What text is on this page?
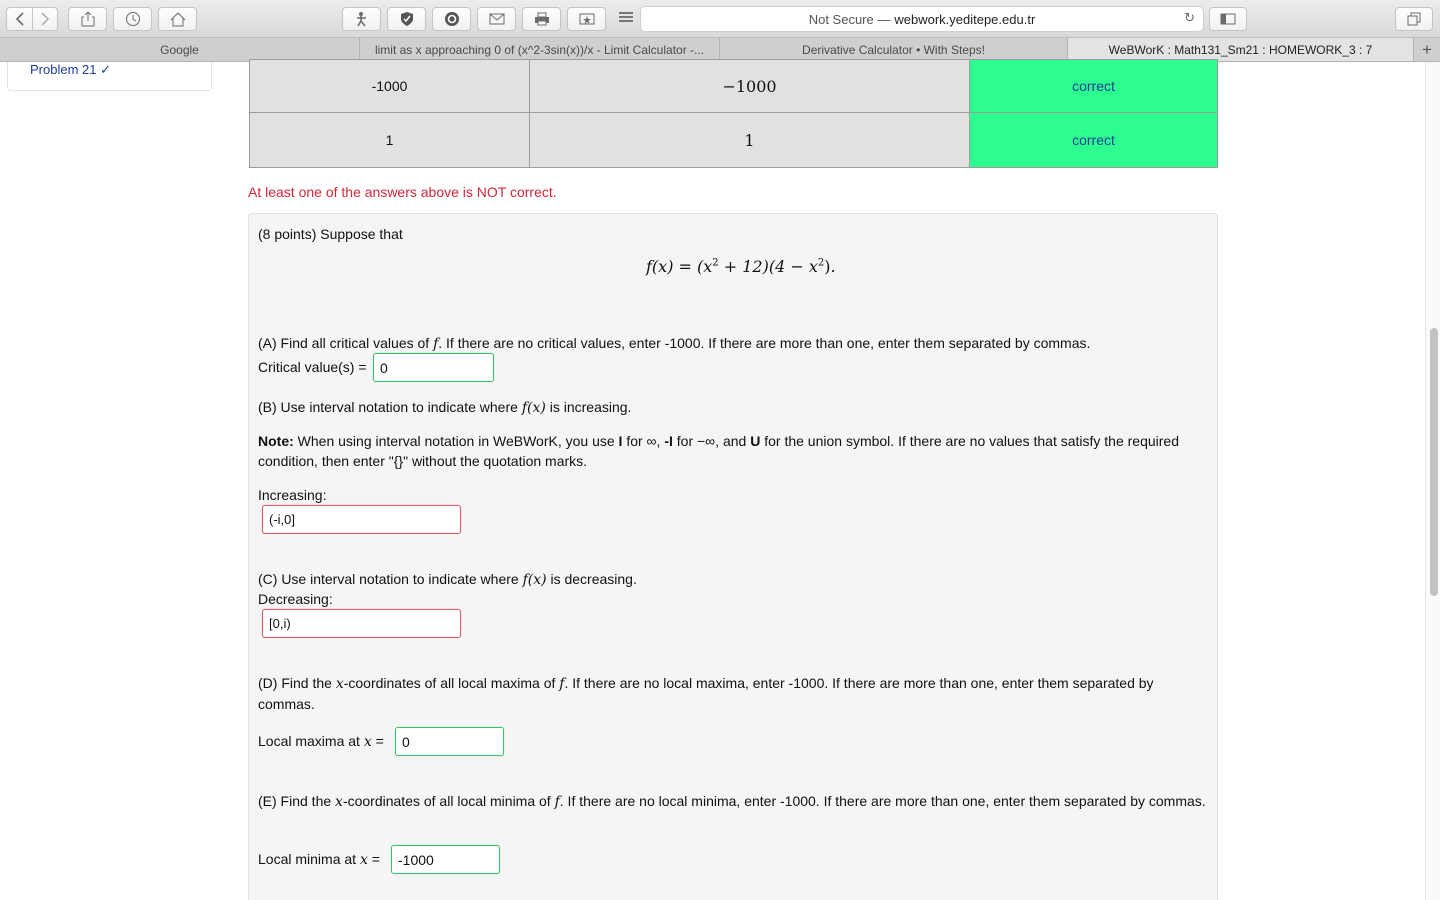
Not Secure — webwork.yeditepe.edu.tr	↻
Google	limit as x approaching 0 of (x^2-3sin(x))/x - Limit Calculator -...	Derivative Calculator • With Steps!	WeBWorK : Math131_Sm21 : HOMEWORK_3 : 7	+
Problem 21 ✓
-1000	−1000	correct
1	1	correct
At least one of the answers above is NOT correct.
(8 points) Suppose that
$f(x) = (x^2 + 12)(4 - x^2)$.
(A) Find all critical values of f. If there are no critical values, enter -1000. If there are more than one, enter them separated by commas.
Critical value(s) = 0
(B) Use interval notation to indicate where f(x) is increasing.
Note: When using interval notation in WeBWorK, you use I for ∞, -I for −∞, and U for the union symbol. If there are no values that satisfy the required condition, then enter "{}" without the quotation marks.
Increasing:
(-i,0]
(C) Use interval notation to indicate where f(x) is decreasing.
Decreasing:
[0,i)
(D) Find the x-coordinates of all local maxima of f. If there are no local maxima, enter -1000. If there are more than one, enter them separated by commas.
Local maxima at x =	0
(E) Find the x-coordinates of all local minima of f. If there are no local minima, enter -1000. If there are more than one, enter them separated by commas.
Local minima at x =	-1000
